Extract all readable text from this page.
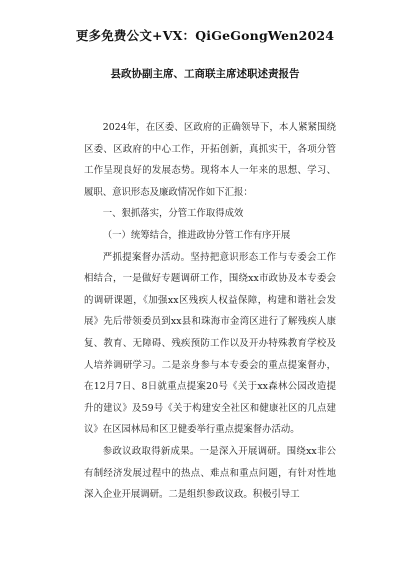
更多免费公文+VX：QiGeGongWen2024
县政协副主席、工商联主席述职述责报告

2024年，在区委、区政府的正确领导下，本人紧紧围绕区委、区政府的中心工作，开拓创新，真抓实干，各项分管工作呈现良好的发展态势。现将本人一年来的思想、学习、履职、意识形态及廉政情况作如下汇报：

一、狠抓落实，分管工作取得成效

（一）统筹结合，推进政协分管工作有序开展

严抓提案督办活动。坚持把意识形态工作与专委会工作相结合，一是做好专题调研工作，围绕xx市政协及本专委会的调研课题，《加强xx区残疾人权益保障，构建和谐社会发展》先后带领委员到xx县和珠海市金湾区进行了解残疾人康复、教育、无障碍、残疾预防工作以及开办特殊教育学校及人培养调研学习。二是亲身参与本专委会的重点提案督办，在12月7日、8日就重点提案20号《关于xx森林公园改造提升的建议》及59号《关于构建安全社区和健康社区的几点建议》在区园林局和区卫健委举行重点提案督办活动。

参政议政取得新成果。一是深入开展调研。围绕xx非公有制经济发展过程中的热点、难点和重点问题，有针对性地深入企业开展调研。二是组织参政议政。积极引导工
